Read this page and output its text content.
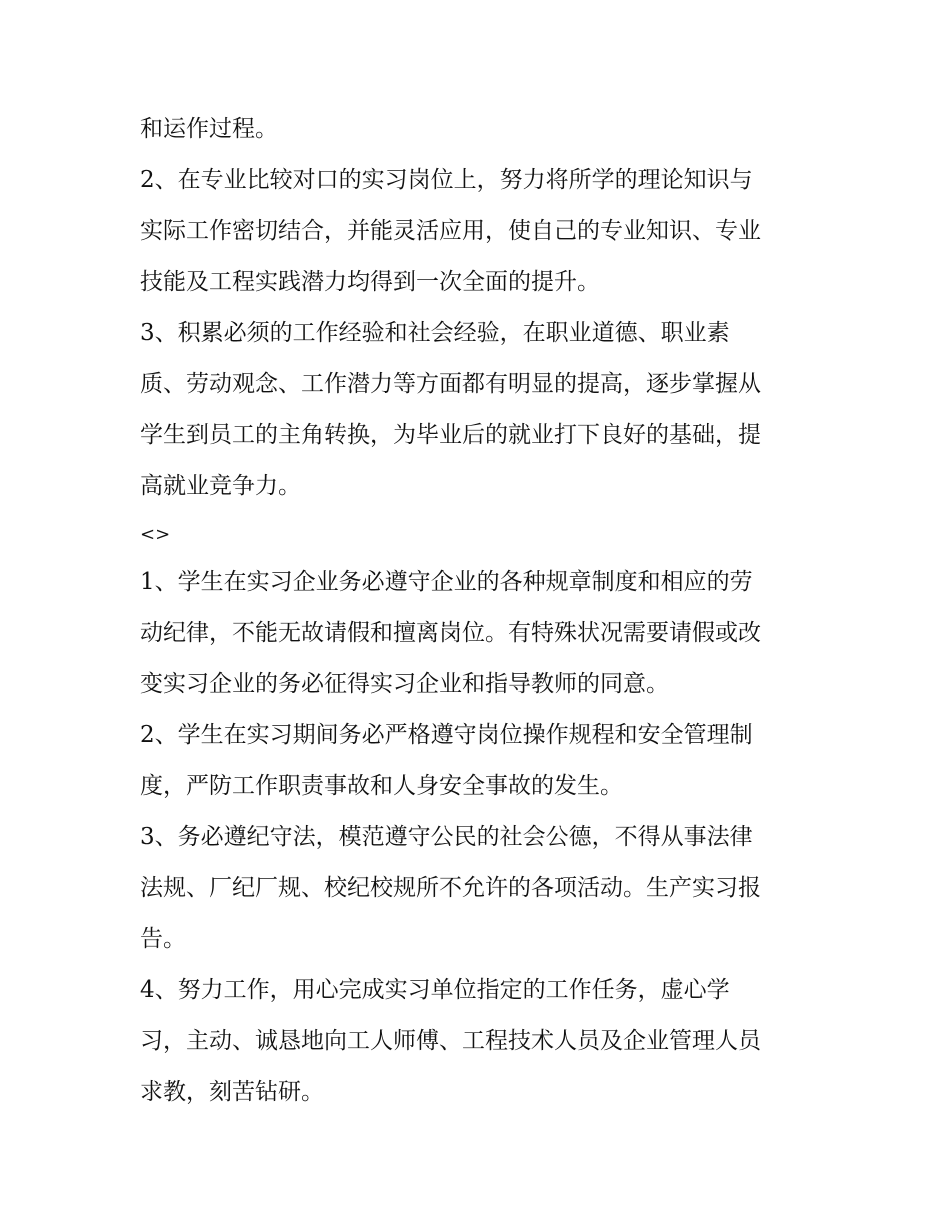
和运作过程。
2、在专业比较对口的实习岗位上，努力将所学的理论知识与
实际工作密切结合，并能灵活应用，使自己的专业知识、专业
技能及工程实践潜力均得到一次全面的提升。
3、积累必须的工作经验和社会经验，在职业道德、职业素
质、劳动观念、工作潜力等方面都有明显的提高，逐步掌握从
学生到员工的主角转换，为毕业后的就业打下良好的基础，提
高就业竞争力。
<>
1、学生在实习企业务必遵守企业的各种规章制度和相应的劳
动纪律，不能无故请假和擅离岗位。有特殊状况需要请假或改
变实习企业的务必征得实习企业和指导教师的同意。
2、学生在实习期间务必严格遵守岗位操作规程和安全管理制
度，严防工作职责事故和人身安全事故的发生。
3、务必遵纪守法，模范遵守公民的社会公德，不得从事法律
法规、厂纪厂规、校纪校规所不允许的各项活动。生产实习报
告。
4、努力工作，用心完成实习单位指定的工作任务，虚心学
习，主动、诚恳地向工人师傅、工程技术人员及企业管理人员
求教，刻苦钻研。
